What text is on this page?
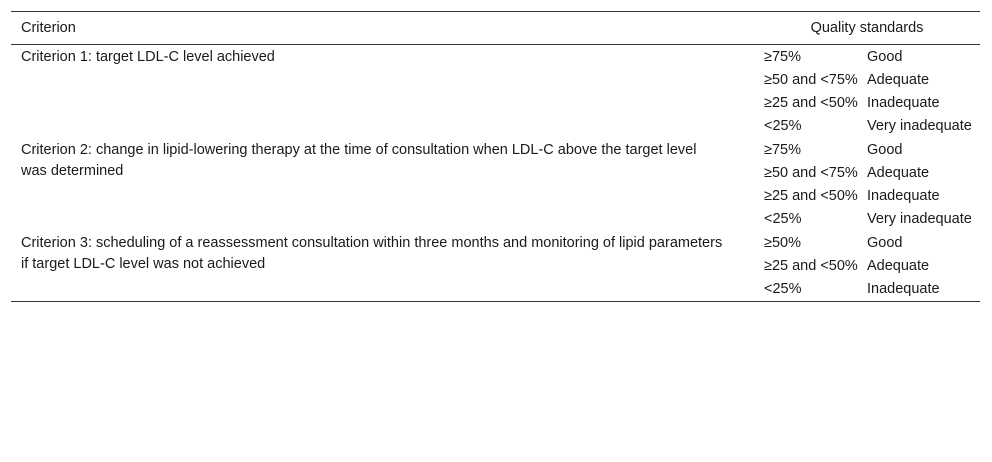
Criterion	Quality standards	
Criterion 1: target LDL-C level achieved	≥75%	Good
	≥50 and <75%	Adequate
	≥25 and <50%	Inadequate
	<25%	Very inadequate
Criterion 2: change in lipid-lowering therapy at the time of consultation when LDL-C above the target level was determined	≥75%	Good
	≥50 and <75%	Adequate
	≥25 and <50%	Inadequate
	<25%	Very inadequate
Criterion 3: scheduling of a reassessment consultation within three months and monitoring of lipid parameters if target LDL-C level was not achieved	≥50%	Good
	≥25 and <50%	Adequate
	<25%	Inadequate
